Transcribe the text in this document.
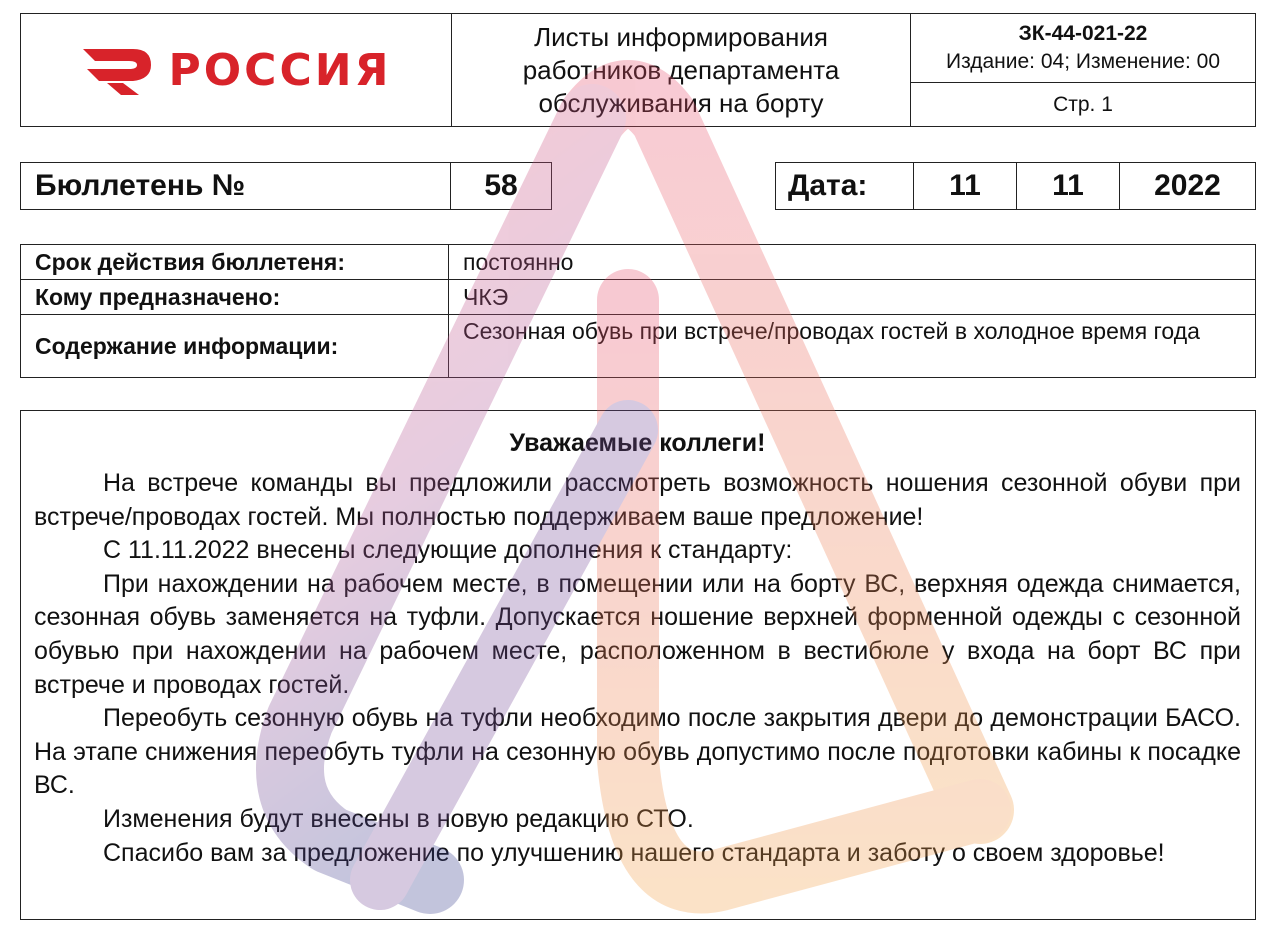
РОССИЯ
Листы информирования
работников департамента
обслуживания на борту
ЗК-44-021-22
Издание: 04; Изменение: 00
Стр. 1
Бюллетень №	58	Дата:	11	11	2022
Срок действия бюллетеня:	постоянно
Кому предназначено:	ЧКЭ
Содержание информации:
Сезонная обувь при встрече/проводах гостей в холодное время года
Уважаемые коллеги!

На встрече команды вы предложили рассмотреть возможность ношения сезонной обуви при встрече/проводах гостей. Мы полностью поддерживаем ваше предложение!

С 11.11.2022 внесены следующие дополнения к стандарту:

При нахождении на рабочем месте, в помещении или на борту ВС, верхняя одежда снимается, сезонная обувь заменяется на туфли. Допускается ношение верхней форменной одежды с сезонной обувью при нахождении на рабочем месте, расположенном в вестибюле у входа на борт ВС при встрече и проводах гостей.

Переобуть сезонную обувь на туфли необходимо после закрытия двери до демонстрации БАСО. На этапе снижения переобуть туфли на сезонную обувь допустимо после подготовки кабины к посадке ВС.

Изменения будут внесены в новую редакцию СТО.

Спасибо вам за предложение по улучшению нашего стандарта и заботу о своем здоровье!
